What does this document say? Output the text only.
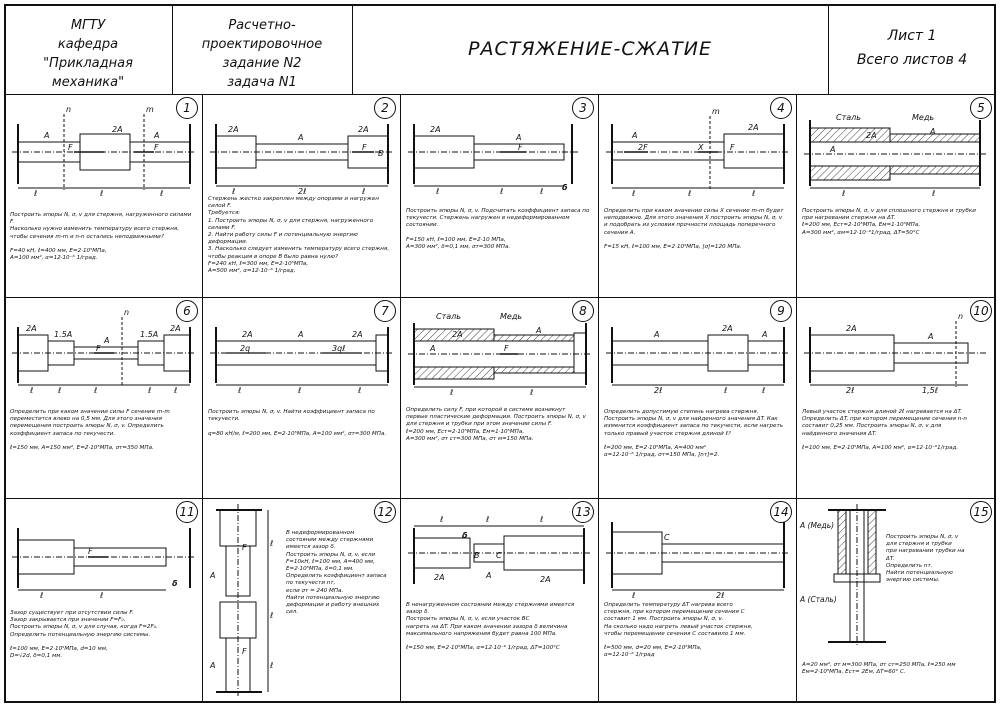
МГТУ
кафедра
"Прикладная механика"
Расчетно-проектировочное
задание N2
задача N1
РАСТЯЖЕНИЕ-СЖАТИЕ
Лист 1
Всего листов 4
A	A
2A
F	F
n	m
ℓ	ℓ	ℓ
1
Построить эпюры N, σ, v для стержня, нагруженного силами F.
Насколько нужно изменить температуру всего стержня,
чтобы сечения m-m и n-n остались неподвижными?

F=40 кН, ℓ=400 мм, E=2·10⁵МПа,
A=100 мм², α=12·10⁻⁶ 1/град.
2A
A
2A
F
B
ℓ	2ℓ	ℓ
2
Стержень жестко закреплен между опорами и нагружен силой F.
Требуется:
1. Построить эпюры N, σ, v для стержня, нагруженного
силами F.
2. Найти работу силы F и потенциальную энергию деформации.
3. Насколько следует изменить температуру всего стержня,
чтобы реакция в опоре B было равна нулю?
F=240 кН, ℓ=300 мм, E=2·10⁵МПа,
A=500 мм², α=12·10⁻⁶ 1/град.
2A
A
F
ℓ	ℓ	ℓ δ
3
Построить эпюры N, σ, v. Подсчитать коэффициент запаса по
текучести. Стержень нагружен в недеформированном
состоянии.

F=150 кН, ℓ=100 мм, E=2·10 МПа,
A=300 мм², δ=0,1 мм, σт=300 МПа.
A
2A
2F	X	F
m
ℓ	ℓ	ℓ
4
Определить при каком значении силы X сечение m-m будет
неподвижно. Для этого значения X построить эпюры N, σ, v
и подобрать из условия прочности площадь поперечного
сечения A.

F=15 кН, ℓ=100 мм, E=2·10⁵МПа, [σ]=120 МПа.
Сталь	Медь
2A	A
A
ℓ	ℓ
5
Построить эпюры N, σ, v для сплошного стержня и трубки
при нагревании стержня на ΔT.
ℓ=200 мм, Eст=2·10⁵МПа, Eм=1·10⁵МПа,
A=300 мм², αм=12·10⁻⁶1/град, ΔT=50°C
2A
1.5A
A
1.5A
2A
F
n
ℓ	ℓ	ℓ	ℓ	ℓ
6
Определить при каком значении силы F сечение m-m
переместится влево на 0,5 мм. Для этого значения
перемещения построить эпюры N, σ, v. Определить
коэффициент запаса по текучести.

ℓ=150 мм, A=150 мм², E=2·10⁵МПа, σт=350 МПа.
2A	A	2A
2q	3qℓ
ℓ	ℓ	ℓ
7
Построить эпюры N, σ, v. Найти коэффициент запаса по
текучести.

q=80 кН/м, ℓ=200 мм, E=2·10⁵МПа, A=100 мм², σт=300 МПа.
Сталь	Медь
2A	A
A	F
ℓ	ℓ
8
Определить силу F, при которой в системе возникнут
первые пластические деформации. Построить эпюры N, σ, v
для стержня и трубки при этом значении силы F.
ℓ=200 мм, Eст=2·10⁵МПа, Eм=1·10⁵МПа,
A=300 мм², σт ст=300 МПа, σт м=150 МПа.
A
2A
A
2ℓ	ℓ	ℓ
9
Определить допустимую степень нагрева стержня.
Построить эпюры N, σ, v для найденного значения ΔT. Как
изменится коэффициент запаса по текучести, если нагреть
только правый участок стержня длиной ℓ?

ℓ=200 мм, E=2·10⁵МПа, A=400 мм²
α=12·10⁻⁶ 1/град, σт=150 МПа, [nт]=2.
2A
A
n
2ℓ	1,5ℓ
10
Левый участок стержня длиной 2ℓ нагревается на ΔT.
Определить ΔT, при котором перемещение сечения n-n
составит 0,25 мм. Построить эпюры N, σ, v для
найденного значения ΔT.

ℓ=100 мм, E=2·10⁵МПа, A=100 мм², α=12·10⁻⁶1/град.
F
ℓ	ℓ
δ
11
Зазор существует при отсутствии силы F.
Зазор закрывается при значении F=F₀.
Построить эпюры N, σ, v для случая, когда F=2F₀.
Определить потенциальную энергию системы.

ℓ=100 мм, E=2·10⁵МПа, d=10 мм,
D=√2d, δ=0,1 мм.
F
F
A
A
ℓ
ℓ
ℓ
12
В недеформированном
состоянии между стержнями
имеется зазор δ.
Построить эпюры N, σ, v, если
F=10кН, ℓ=100 мм, A=400 мм,
E=2·10⁵МПа, δ=0,1 мм.
Определить коэффициент запаса
по текучести nт,
если σт = 240 МПа.
Найти потенциальную энергию
деформации и работу внешних
сил.
δ
B C
2A	A	2A
ℓ	ℓ	ℓ
13
В ненагруженном состоянии между стержнями имеется зазор δ.
Построить эпюры N, σ, v, если участок BC
нагреть на ΔT. При каком значении зазора δ величина
максимального напряжения будет равна 100 МПа.

ℓ=150 мм, E=2·10⁵МПа, α=12·10⁻⁶ 1/град, ΔT=100°C
C
ℓ	2ℓ
14
Определить температуру ΔT нагрева всего
стержня, при котором перемещение сечения C
составит 1 мм. Построить эпюры N, σ, v.
На сколько надо нагреть левый участок стержня,
чтобы перемещение сечения C составило 1 мм.

ℓ=500 мм, d=20 мм, E=2·10⁵МПа,
α=12·10⁻⁶ 1/град
A (Медь)
A (Сталь)
15
Построить эпюры N, σ, v
для стержня и трубки
при нагревании трубки на
ΔT.
Определить nт.
Найти потенциальную
энергию системы.
A=20 мм², σт м=300 МПа, σт ст=250 МПа, ℓ=250 мм
Eм=2·10⁵МПа, Eст= 2Eм, ΔT=60° C.
